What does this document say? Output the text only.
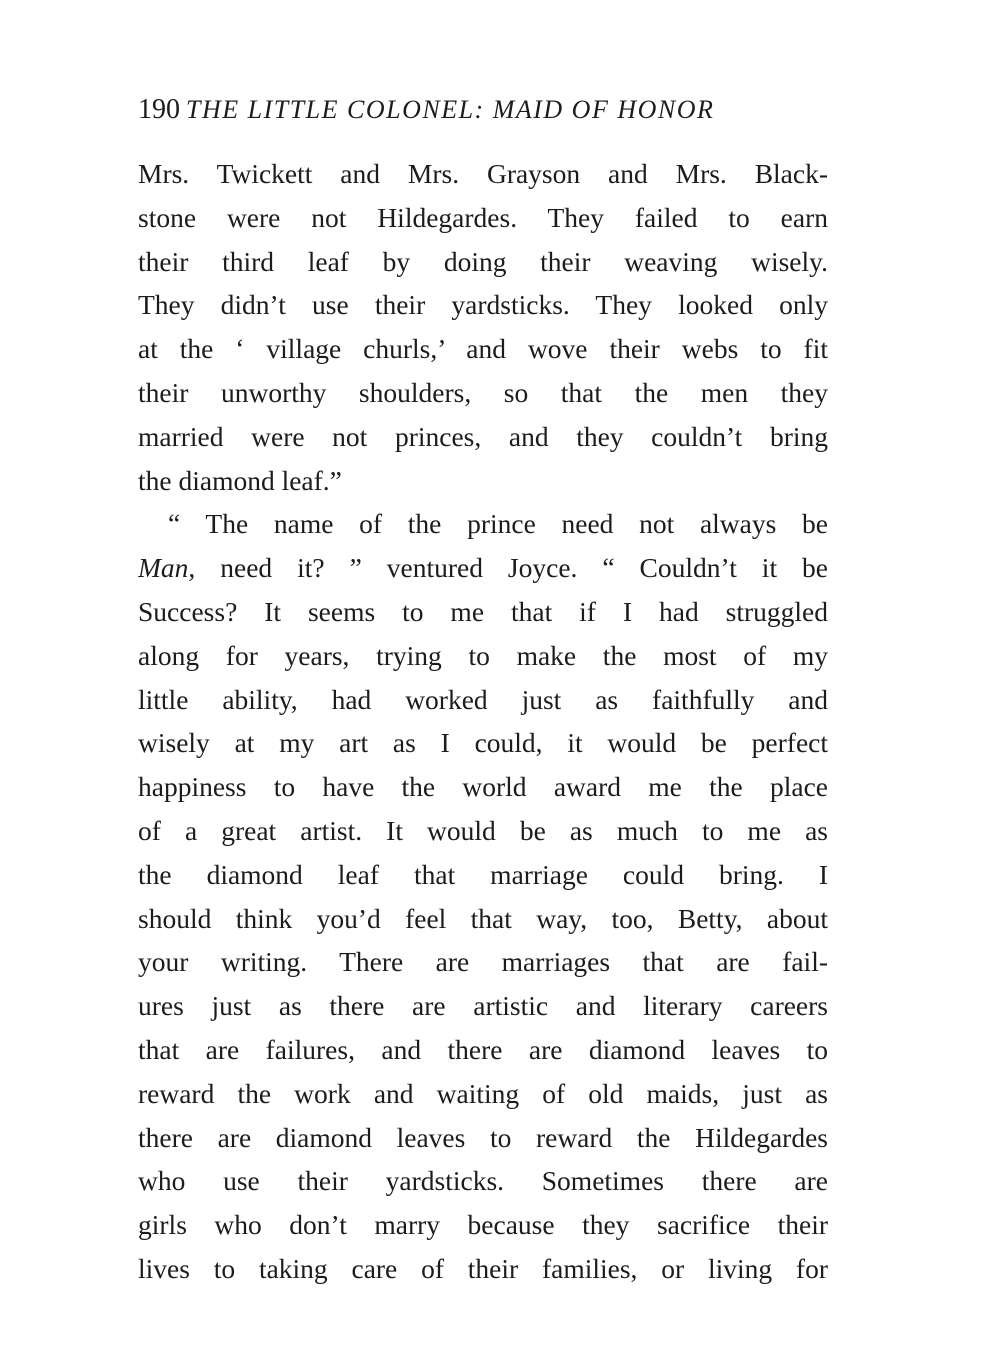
190 THE LITTLE COLONEL: MAID OF HONOR
Mrs. Twickett and Mrs. Grayson and Mrs. Black-
stone were not Hildegardes. They failed to earn
their third leaf by doing their weaving wisely.
They didn’t use their yardsticks. They looked only
at the ‘ village churls,’ and wove their webs to fit
their unworthy shoulders, so that the men they
married were not princes, and they couldn’t bring
the diamond leaf.”
“ The name of the prince need not always be
Man, need it? ” ventured Joyce. “ Couldn’t it be
Success? It seems to me that if I had struggled
along for years, trying to make the most of my
little ability, had worked just as faithfully and
wisely at my art as I could, it would be perfect
happiness to have the world award me the place
of a great artist. It would be as much to me as
the diamond leaf that marriage could bring. I
should think you’d feel that way, too, Betty, about
your writing. There are marriages that are fail-
ures just as there are artistic and literary careers
that are failures, and there are diamond leaves to
reward the work and waiting of old maids, just as
there are diamond leaves to reward the Hildegardes
who use their yardsticks. Sometimes there are
girls who don’t marry because they sacrifice their
lives to taking care of their families, or living for
